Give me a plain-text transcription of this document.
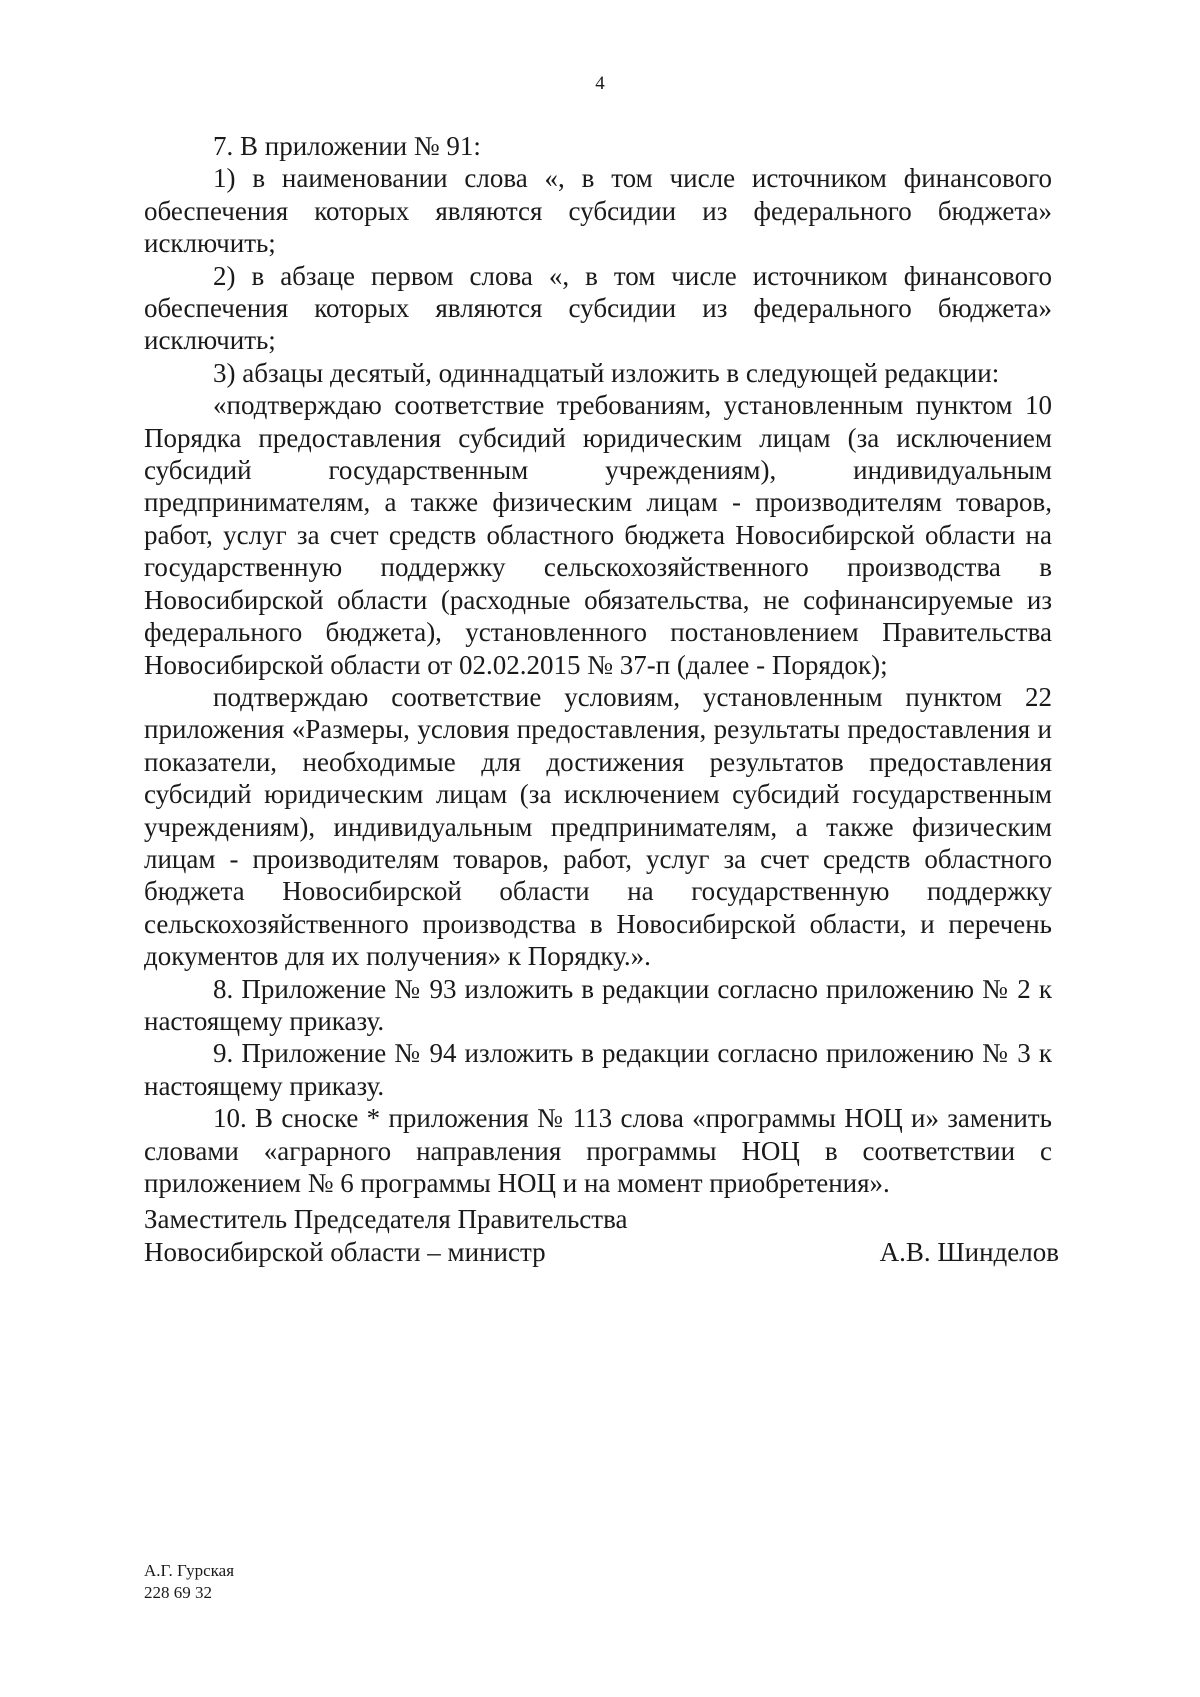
4

7. В приложении № 91:

1) в наименовании слова «, в том числе источником финансового обеспечения которых являются субсидии из федерального бюджета» исключить;

2) в абзаце первом слова «, в том числе источником финансового обеспечения которых являются субсидии из федерального бюджета» исключить;

3) абзацы десятый, одиннадцатый изложить в следующей редакции:

«подтверждаю соответствие требованиям, установленным пунктом 10 Порядка предоставления субсидий юридическим лицам (за исключением субсидий государственным учреждениям), индивидуальным предпринимателям, а также физическим лицам - производителям товаров, работ, услуг за счет средств областного бюджета Новосибирской области на государственную поддержку сельскохозяйственного производства в Новосибирской области (расходные обязательства, не софинансируемые из федерального бюджета), установленного постановлением Правительства Новосибирской области от 02.02.2015 № 37-п (далее - Порядок);

подтверждаю соответствие условиям, установленным пунктом 22 приложения «Размеры, условия предоставления, результаты предоставления и показатели, необходимые для достижения результатов предоставления субсидий юридическим лицам (за исключением субсидий государственным учреждениям), индивидуальным предпринимателям, а также физическим лицам - производителям товаров, работ, услуг за счет средств областного бюджета Новосибирской области на государственную поддержку сельскохозяйственного производства в Новосибирской области, и перечень документов для их получения» к Порядку.».

8. Приложение № 93 изложить в редакции согласно приложению № 2 к настоящему приказу.

9. Приложение № 94 изложить в редакции согласно приложению № 3 к настоящему приказу.

10. В сноске * приложения № 113 слова «программы НОЦ и» заменить словами «аграрного направления программы НОЦ в соответствии с приложением № 6 программы НОЦ и на момент приобретения».

Заместитель Председателя Правительства
Новосибирской области – министр	А.В. Шинделов
А.Г. Гурская
228 69 32
